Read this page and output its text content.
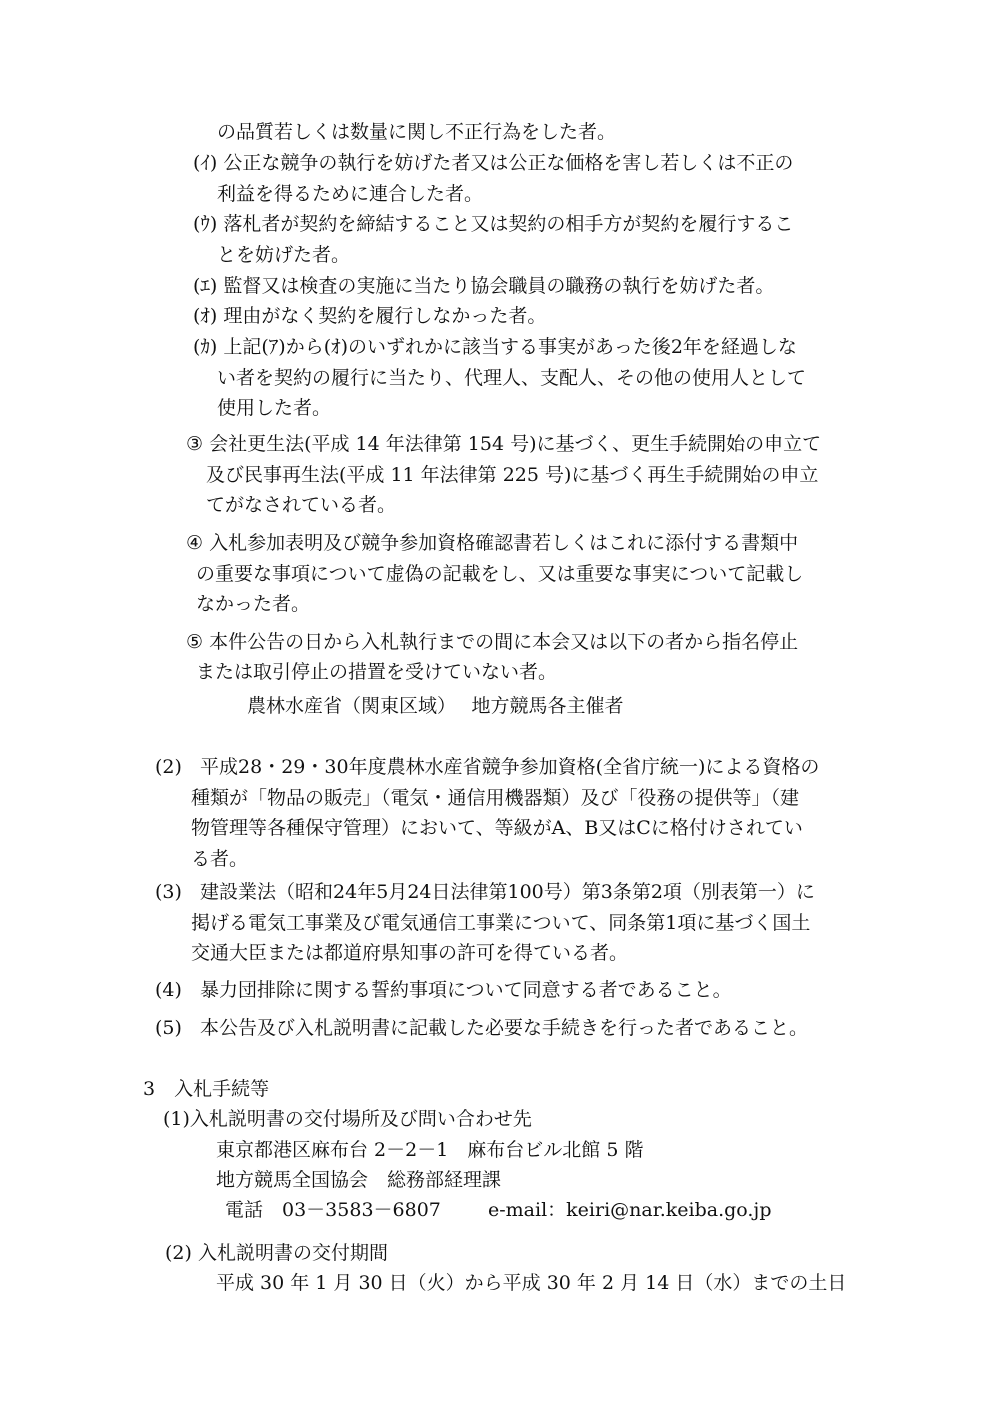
の品質若しくは数量に関し不正行為をした者。
(ｲ) 公正な競争の執行を妨げた者又は公正な価格を害し若しくは不正の
利益を得るために連合した者。
(ｳ) 落札者が契約を締結すること又は契約の相手方が契約を履行するこ
とを妨げた者。
(ｴ) 監督又は検査の実施に当たり協会職員の職務の執行を妨げた者。
(ｵ) 理由がなく契約を履行しなかった者。
(ｶ) 上記(ｱ)から(ｵ)のいずれかに該当する事実があった後2年を経過しな
い者を契約の履行に当たり、代理人、支配人、その他の使用人として
使用した者。
③ 会社更生法(平成 14 年法律第 154 号)に基づく、更生手続開始の申立て
及び民事再生法(平成 11 年法律第 225 号)に基づく再生手続開始の申立
てがなされている者。
④ 入札参加表明及び競争参加資格確認書若しくはこれに添付する書類中
の重要な事項について虚偽の記載をし、又は重要な事実について記載し
なかった者。
⑤ 本件公告の日から入札執行までの間に本会又は以下の者から指名停止
または取引停止の措置を受けていない者。
農林水産省（関東区域）　 地方競馬各主催者
(2) 平成28・29・30年度農林水産省競争参加資格(全省庁統一)による資格の
種類が「物品の販売」（電気・通信用機器類）及び「役務の提供等」（建
物管理等各種保守管理）において、等級がA、B又はCに格付けされてい
る者。
(3) 建設業法（昭和24年5月24日法律第100号）第3条第2項（別表第一）に
掲げる電気工事業及び電気通信工事業について、同条第1項に基づく国土
交通大臣または都道府県知事の許可を得ている者。
(4) 暴力団排除に関する誓約事項について同意する者であること。
(5) 本公告及び入札説明書に記載した必要な手続きを行った者であること。
3　入札手続等
(1)入札説明書の交付場所及び問い合わせ先
東京都港区麻布台 2－2－1　麻布台ビル北館 5 階
地方競馬全国協会　総務部経理課
電話　03－3583－6807 e-mail：keiri@nar.keiba.go.jp
(2) 入札説明書の交付期間
平成 30 年 1 月 30 日（火）から平成 30 年 2 月 14 日（水）までの土日
